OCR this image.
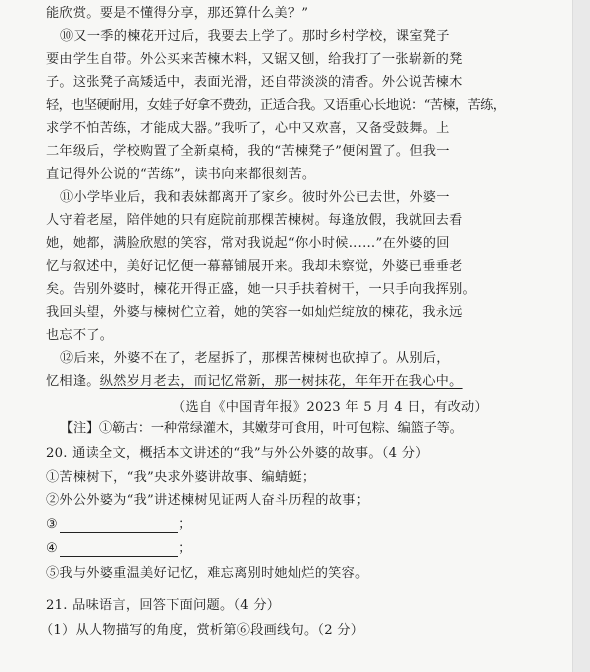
能欣赏。要是不懂得分享，那还算什么美？”
⑩又一季的楝花开过后，我要去上学了。那时乡村学校，课室凳子
要由学生自带。外公买来苦楝木料，又锯又刨，给我打了一张崭新的凳
子。这张凳子高矮适中，表面光滑，还自带淡淡的清香。外公说苦楝木
轻，也坚硬耐用，女娃子好拿不费劲，正适合我。又语重心长地说：“苦楝，苦练，
求学不怕苦练，才能成大器。”我听了，心中又欢喜，又备受鼓舞。上
二年级后，学校购置了全新桌椅，我的“苦楝凳子”便闲置了。但我一
直记得外公说的“苦练”，读书向来都很刻苦。
⑪小学毕业后，我和表妹都离开了家乡。彼时外公已去世，外婆一
人守着老屋，陪伴她的只有庭院前那棵苦楝树。每逢放假，我就回去看
她，她都，满脸欣慰的笑容，常对我说起“你小时候……”在外婆的回
忆与叙述中，美好记忆便一幕幕铺展开来。我却未察觉，外婆已垂垂老
矣。告别外婆时，楝花开得正盛，她一只手扶着树干，一只手向我挥别。
我回头望，外婆与楝树伫立着，她的笑容一如灿烂绽放的楝花，我永远
也忘不了。
⑫后来，外婆不在了，老屋拆了，那棵苦楝树也砍掉了。从别后，
忆相逢。纵然岁月老去，而记忆常新，那一树抹花，年年开在我心中。
（选自《中国青年报》2023 年 5 月 4 日，有改动）
【注】①簕古：一种常绿灌木，其嫩芽可食用，叶可包粽、编篮子等。
20. 通读全文，概括本文讲述的“我”与外公外婆的故事。（4 分）
①苦楝树下，“我”央求外婆讲故事、编蜻蜓；
②外公外婆为“我”讲述楝树见证两人奋斗历程的故事；
③	；
④	；
⑤我与外婆重温美好记忆，难忘离别时她灿烂的笑容。
21. 品味语言，回答下面问题。（4 分）
（1）从人物描写的角度，赏析第⑥段画线句。（2 分）
